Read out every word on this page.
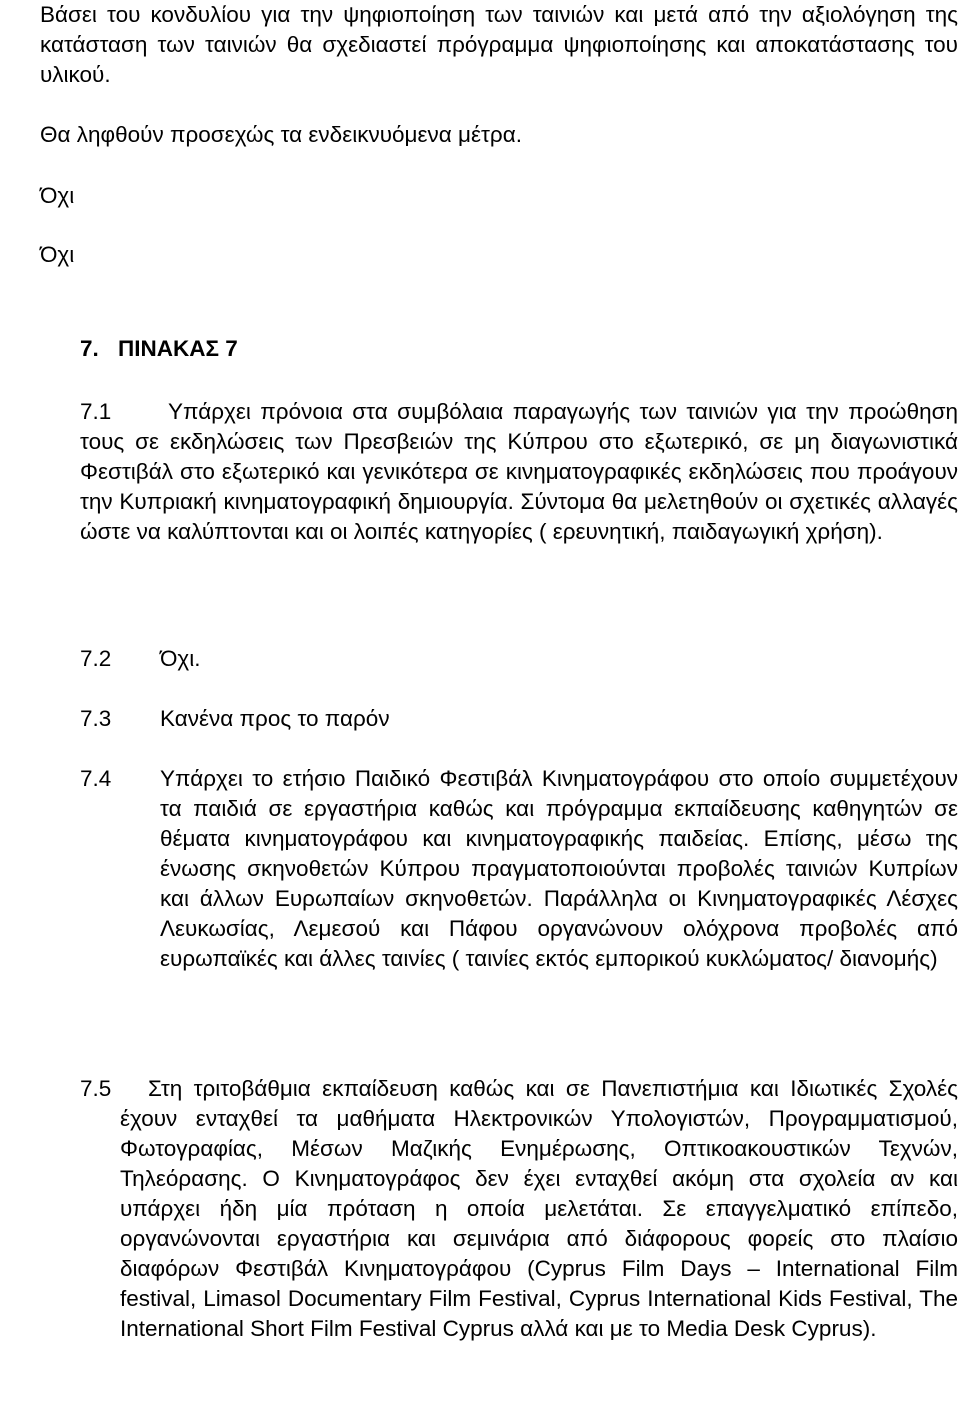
Βάσει του κονδυλίου για την ψηφιοποίηση των ταινιών και μετά από την αξιολόγηση της κατάσταση των ταινιών θα σχεδιαστεί πρόγραμμα ψηφιοποίησης και αποκατάστασης του υλικού.

Θα ληφθούν προσεχώς τα ενδεικνυόμενα μέτρα.

Όχι

Όχι

7. ΠΙΝΑΚΑΣ 7
7.1	Υπάρχει πρόνοια στα συμβόλαια παραγωγής των ταινιών για την προώθηση τους σε εκδηλώσεις των Πρεσβειών της Κύπρου στο εξωτερικό, σε μη διαγωνιστικά Φεστιβάλ στο εξωτερικό και γενικότερα σε κινηματογραφικές εκδηλώσεις που προάγουν την Κυπριακή κινηματογραφική δημιουργία. Σύντομα θα μελετηθούν οι σχετικές αλλαγές ώστε να καλύπτονται και οι λοιπές κατηγορίες ( ερευνητική, παιδαγωγική χρήση).

7.2 Όχι.
7.3 Κανένα προς το παρόν
7.4 Υπάρχει το ετήσιο Παιδικό Φεστιβάλ Κινηματογράφου στο οποίο συμμετέχουν τα παιδιά σε εργαστήρια καθώς και πρόγραμμα εκπαίδευσης καθηγητών σε θέματα κινηματογράφου και κινηματογραφικής παιδείας. Επίσης, μέσω της ένωσης σκηνοθετών Κύπρου πραγματοποιούνται προβολές ταινιών Κυπρίων και άλλων Ευρωπαίων σκηνοθετών. Παράλληλα οι Κινηματογραφικές Λέσχες Λευκωσίας, Λεμεσού και Πάφου οργανώνουν ολόχρονα προβολές από ευρωπαϊκές και άλλες ταινίες ( ταινίες εκτός εμπορικού κυκλώματος/ διανομής)

7.5	Στη τριτοβάθμια εκπαίδευση καθώς και σε Πανεπιστήμια και Ιδιωτικές Σχολές έχουν ενταχθεί τα μαθήματα Ηλεκτρονικών Υπολογιστών, Προγραμματισμού, Φωτογραφίας, Μέσων Μαζικής Ενημέρωσης, Οπτικοακουστικών Τεχνών, Τηλεόρασης. Ο Κινηματογράφος δεν έχει ενταχθεί ακόμη στα σχολεία αν και υπάρχει ήδη μία πρόταση η οποία μελετάται. Σε επαγγελματικό επίπεδο, οργανώνονται εργαστήρια και σεμινάρια από διάφορους φορείς στο πλαίσιο διαφόρων Φεστιβάλ Κινηματογράφου (Cyprus Film Days – International Film festival, Limasol Documentary Film Festival, Cyprus International Kids Festival, The International Short Film Festival Cyprus αλλά και με το Media Desk Cyprus).
